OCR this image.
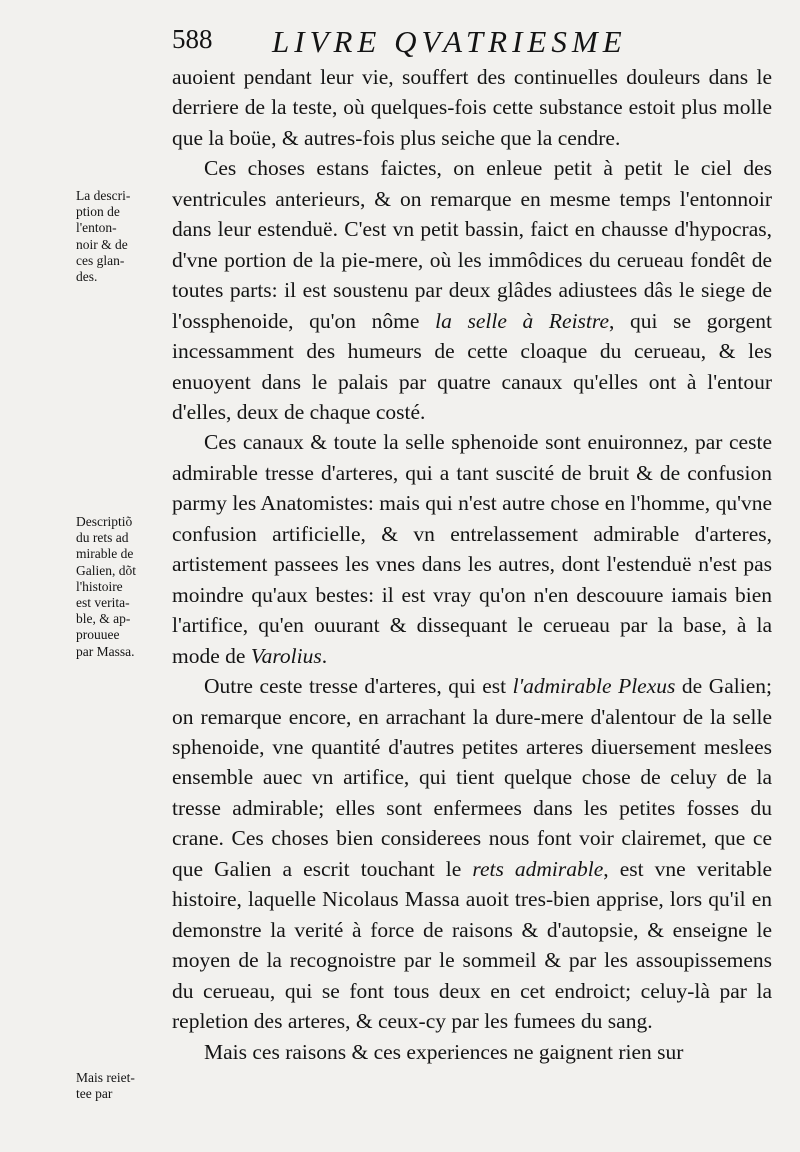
588 LIVRE QVATRIESME

auoient pendant leur vie, souffert des continuelles douleurs dans le derriere de la teste, où quelques-fois cette substance estoit plus molle que la boüe, & autres-fois plus seiche que la cendre.

Ces choses estans faictes, on enleue petit à petit le ciel des ventricules anterieurs, & on remarque en mesme temps l'entonnoir dans leur estenduë. C'est vn petit bassin, faict en chausse d'hypocras, d'vne portion de la pie-mere, où les immôdices du cerueau fondêt de toutes parts: il est soustenu par deux glâdes adiustees dâs le siege de l'ossphenoide, qu'on nôme la selle à Reistre, qui se gorgent incessamment des humeurs de cette cloaque du cerueau, & les enuoyent dans le palais par quatre canaux qu'elles ont à l'entour d'elles, deux de chaque costé.

Ces canaux & toute la selle sphenoide sont enuironnez, par ceste admirable tresse d'arteres, qui a tant suscité de bruit & de confusion parmy les Anatomistes: mais qui n'est autre chose en l'homme, qu'vne confusion artificielle, & vn entrelassement admirable d'arteres, artistement passees les vnes dans les autres, dont l'estenduë n'est pas moindre qu'aux bestes: il est vray qu'on n'en descouure iamais bien l'artifice, qu'en ouurant & dissequant le cerueau par la base, à la mode de Varolius.

Outre ceste tresse d'arteres, qui est l'admirable Plexus de Galien; on remarque encore, en arrachant la dure-mere d'alentour de la selle sphenoide, vne quantité d'autres petites arteres diuersement meslees ensemble auec vn artifice, qui tient quelque chose de celuy de la tresse admirable; elles sont enfermees dans les petites fosses du crane. Ces choses bien considerees nous font voir clairemet, que ce que Galien a escrit touchant le rets admirable, est vne veritable histoire, laquelle Nicolaus Massa auoit tres-bien apprise, lors qu'il en demonstre la verité à force de raisons & d'autopsie, & enseigne le moyen de la recognoistre par le sommeil & par les assoupissemens du cerueau, qui se font tous deux en cet endroict; celuy-là par la repletion des arteres, & ceux-cy par les fumees du sang.

Mais ces raisons & ces experiences ne gaignent rien sur

La descri-
ption de
l'enton-
noir & de
ces glan-
des.
Descriptiõ
du rets ad
mirable de
Galien, dõt
l'histoire
est verita-
ble, & ap-
prouuee
par Massa.
Mais reiet-
tee par
